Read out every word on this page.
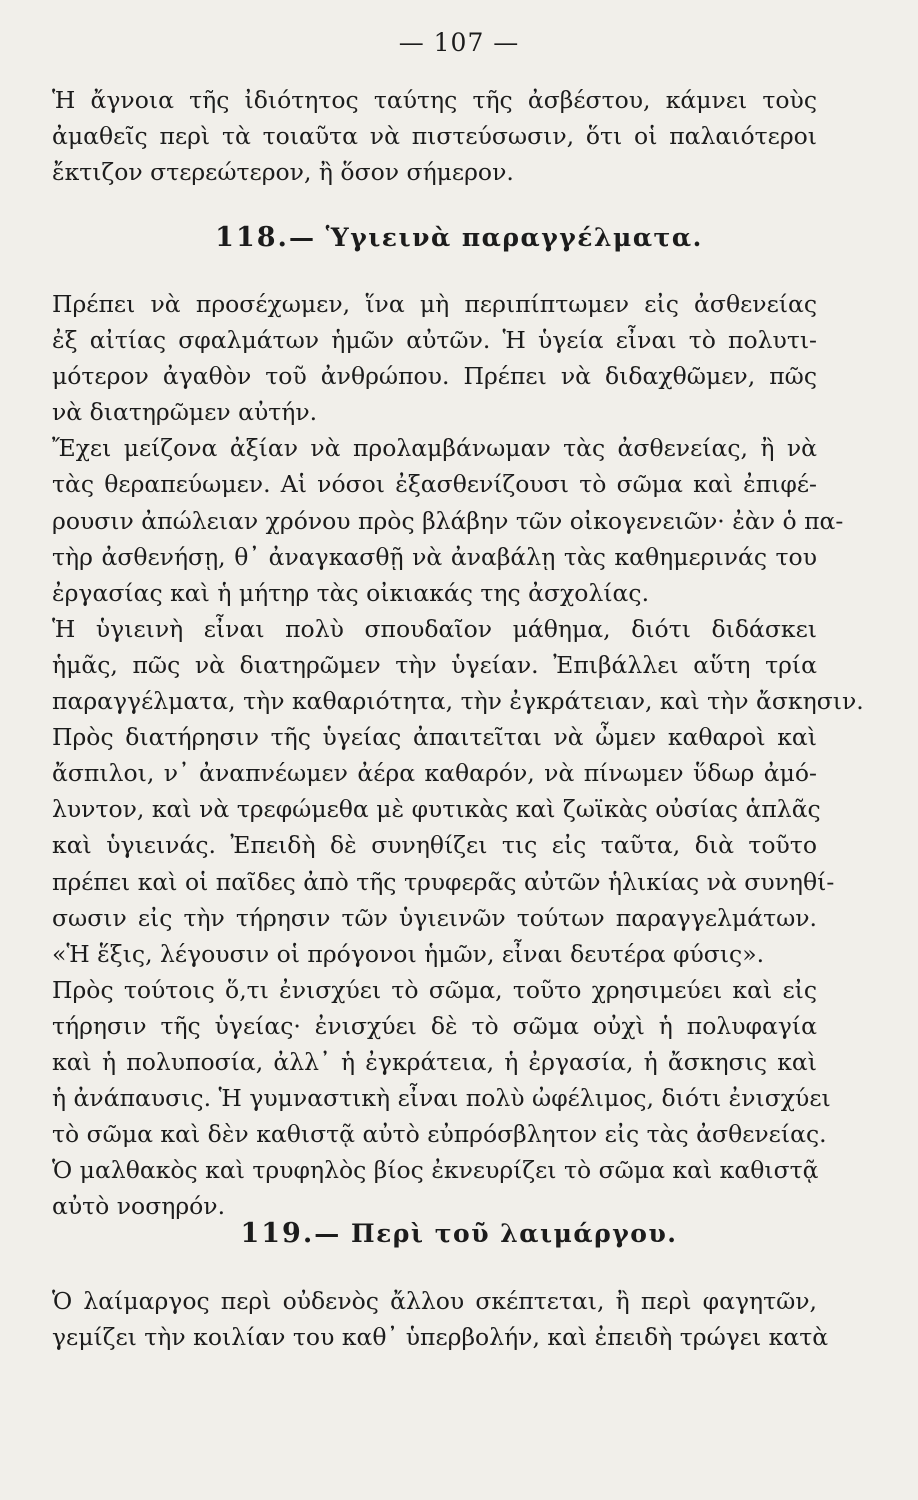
— 107 —
Ἡ ἄγνοια τῆς ἰδιότητος ταύτης τῆς ἀσβέστου, κάμνει τοὺς
ἀμαθεῖς περὶ τὰ τοιαῦτα νὰ πιστεύσωσιν, ὅτι οἱ παλαιότεροι
ἔκτιζον στερεώτερον, ἢ ὅσον σήμερον.
118.— Ὑγιεινὰ παραγγέλματα.
Πρέπει νὰ προσέχωμεν, ἵνα μὴ περιπίπτωμεν εἰς ἀσθενείας
ἐξ αἰτίας σφαλμάτων ἡμῶν αὐτῶν. Ἡ ὑγεία εἶναι τὸ πολυτι-
μότερον ἀγαθὸν τοῦ ἀνθρώπου. Πρέπει νὰ διδαχθῶμεν, πῶς
νὰ διατηρῶμεν αὐτήν.
Ἔχει μείζονα ἀξίαν νὰ προλαμβάνωμαν τὰς ἀσθενείας, ἢ νὰ
τὰς θεραπεύωμεν. Αἱ νόσοι ἐξασθενίζουσι τὸ σῶμα καὶ ἐπιφέ-
ρουσιν ἀπώλειαν χρόνου πρὸς βλάβην τῶν οἰκογενειῶν· ἐὰν ὁ πα-
τὴρ ἀσθενήσῃ, θ᾽ ἀναγκασθῇ νὰ ἀναβάλῃ τὰς καθημερινάς του
ἐργασίας καὶ ἡ μήτηρ τὰς οἰκιακάς της ἀσχολίας.
Ἡ ὑγιεινὴ εἶναι πολὺ σπουδαῖον μάθημα, διότι διδάσκει
ἡμᾶς, πῶς νὰ διατηρῶμεν τὴν ὑγείαν. Ἐπιβάλλει αὕτη τρία
παραγγέλματα, τὴν καθαριότητα, τὴν ἐγκράτειαν, καὶ τὴν ἄσκησιν.
Πρὸς διατήρησιν τῆς ὑγείας ἀπαιτεῖται νὰ ὦμεν καθαροὶ καὶ
ἄσπιλοι, ν᾽ ἀναπνέωμεν ἀέρα καθαρόν, νὰ πίνωμεν ὕδωρ ἀμό-
λυντον, καὶ νὰ τρεφώμεθα μὲ φυτικὰς καὶ ζωϊκὰς οὐσίας ἁπλᾶς
καὶ ὑγιεινάς. Ἐπειδὴ δὲ συνηθίζει τις εἰς ταῦτα, διὰ τοῦτο
πρέπει καὶ οἱ παῖδες ἀπὸ τῆς τρυφερᾶς αὐτῶν ἡλικίας νὰ συνηθί-
σωσιν εἰς τὴν τήρησιν τῶν ὑγιεινῶν τούτων παραγγελμάτων.
«Ἡ ἕξις, λέγουσιν οἱ πρόγονοι ἡμῶν, εἶναι δευτέρα φύσις».
Πρὸς τούτοις ὅ,τι ἐνισχύει τὸ σῶμα, τοῦτο χρησιμεύει καὶ εἰς
τήρησιν τῆς ὑγείας· ἐνισχύει δὲ τὸ σῶμα οὐχὶ ἡ πολυφαγία
καὶ ἡ πολυποσία, ἀλλ᾽ ἡ ἐγκράτεια, ἡ ἐργασία, ἡ ἄσκησις καὶ
ἡ ἀνάπαυσις. Ἡ γυμναστικὴ εἶναι πολὺ ὠφέλιμος, διότι ἐνισχύει
τὸ σῶμα καὶ δὲν καθιστᾷ αὐτὸ εὐπρόσβλητον εἰς τὰς ἀσθενείας.
Ὁ μαλθακὸς καὶ τρυφηλὸς βίος ἐκνευρίζει τὸ σῶμα καὶ καθιστᾷ
αὐτὸ νοσηρόν.
119.— Περὶ τοῦ λαιμάργου.
Ὁ λαίμαργος περὶ οὐδενὸς ἄλλου σκέπτεται, ἢ περὶ φαγητῶν,
γεμίζει τὴν κοιλίαν του καθ᾽ ὑπερβολήν, καὶ ἐπειδὴ τρώγει κατὰ
